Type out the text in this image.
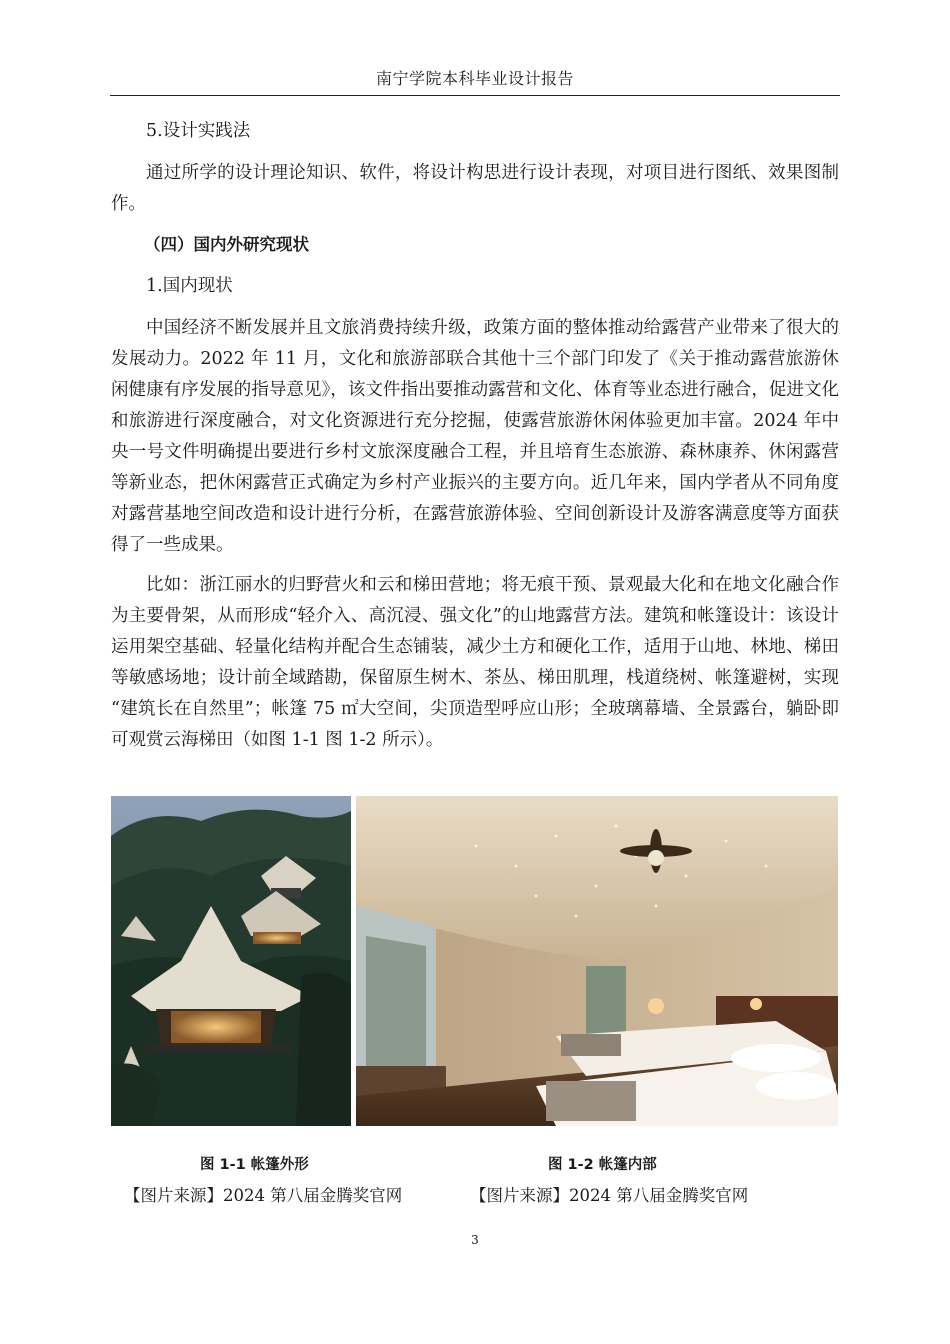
南宁学院本科毕业设计报告

5.设计实践法

通过所学的设计理论知识、软件，将设计构思进行设计表现，对项目进行图纸、效果图制作。

（四）国内外研究现状

1.国内现状

中国经济不断发展并且文旅消费持续升级，政策方面的整体推动给露营产业带来了很大的发展动力。2022 年 11 月，文化和旅游部联合其他十三个部门印发了《关于推动露营旅游休闲健康有序发展的指导意见》，该文件指出要推动露营和文化、体育等业态进行融合，促进文化和旅游进行深度融合，对文化资源进行充分挖掘，使露营旅游休闲体验更加丰富。2024 年中央一号文件明确提出要进行乡村文旅深度融合工程，并且培育生态旅游、森林康养、休闲露营等新业态，把休闲露营正式确定为乡村产业振兴的主要方向。近几年来，国内学者从不同角度对露营基地空间改造和设计进行分析，在露营旅游体验、空间创新设计及游客满意度等方面获得了一些成果。

比如：浙江丽水的归野营火和云和梯田营地；将无痕干预、景观最大化和在地文化融合作为主要骨架，从而形成“轻介入、高沉浸、强文化”的山地露营方法。建筑和帐篷设计：该设计运用架空基础、轻量化结构并配合生态铺装，减少土方和硬化工作，适用于山地、林地、梯田等敏感场地；设计前全域踏勘，保留原生树木、茶丛、梯田肌理，栈道绕树、帐篷避树，实现 “建筑长在自然里”；帐篷 75 ㎡大空间，尖顶造型呼应山形；全玻璃幕墙、全景露台，躺卧即可观赏云海梯田（如图 1-1 图 1-2 所示）。

图 1-1 帐篷外形	图 1-2 帐篷内部
【图片来源】2024 第八届金腾奖官网	【图片来源】2024 第八届金腾奖官网
3
